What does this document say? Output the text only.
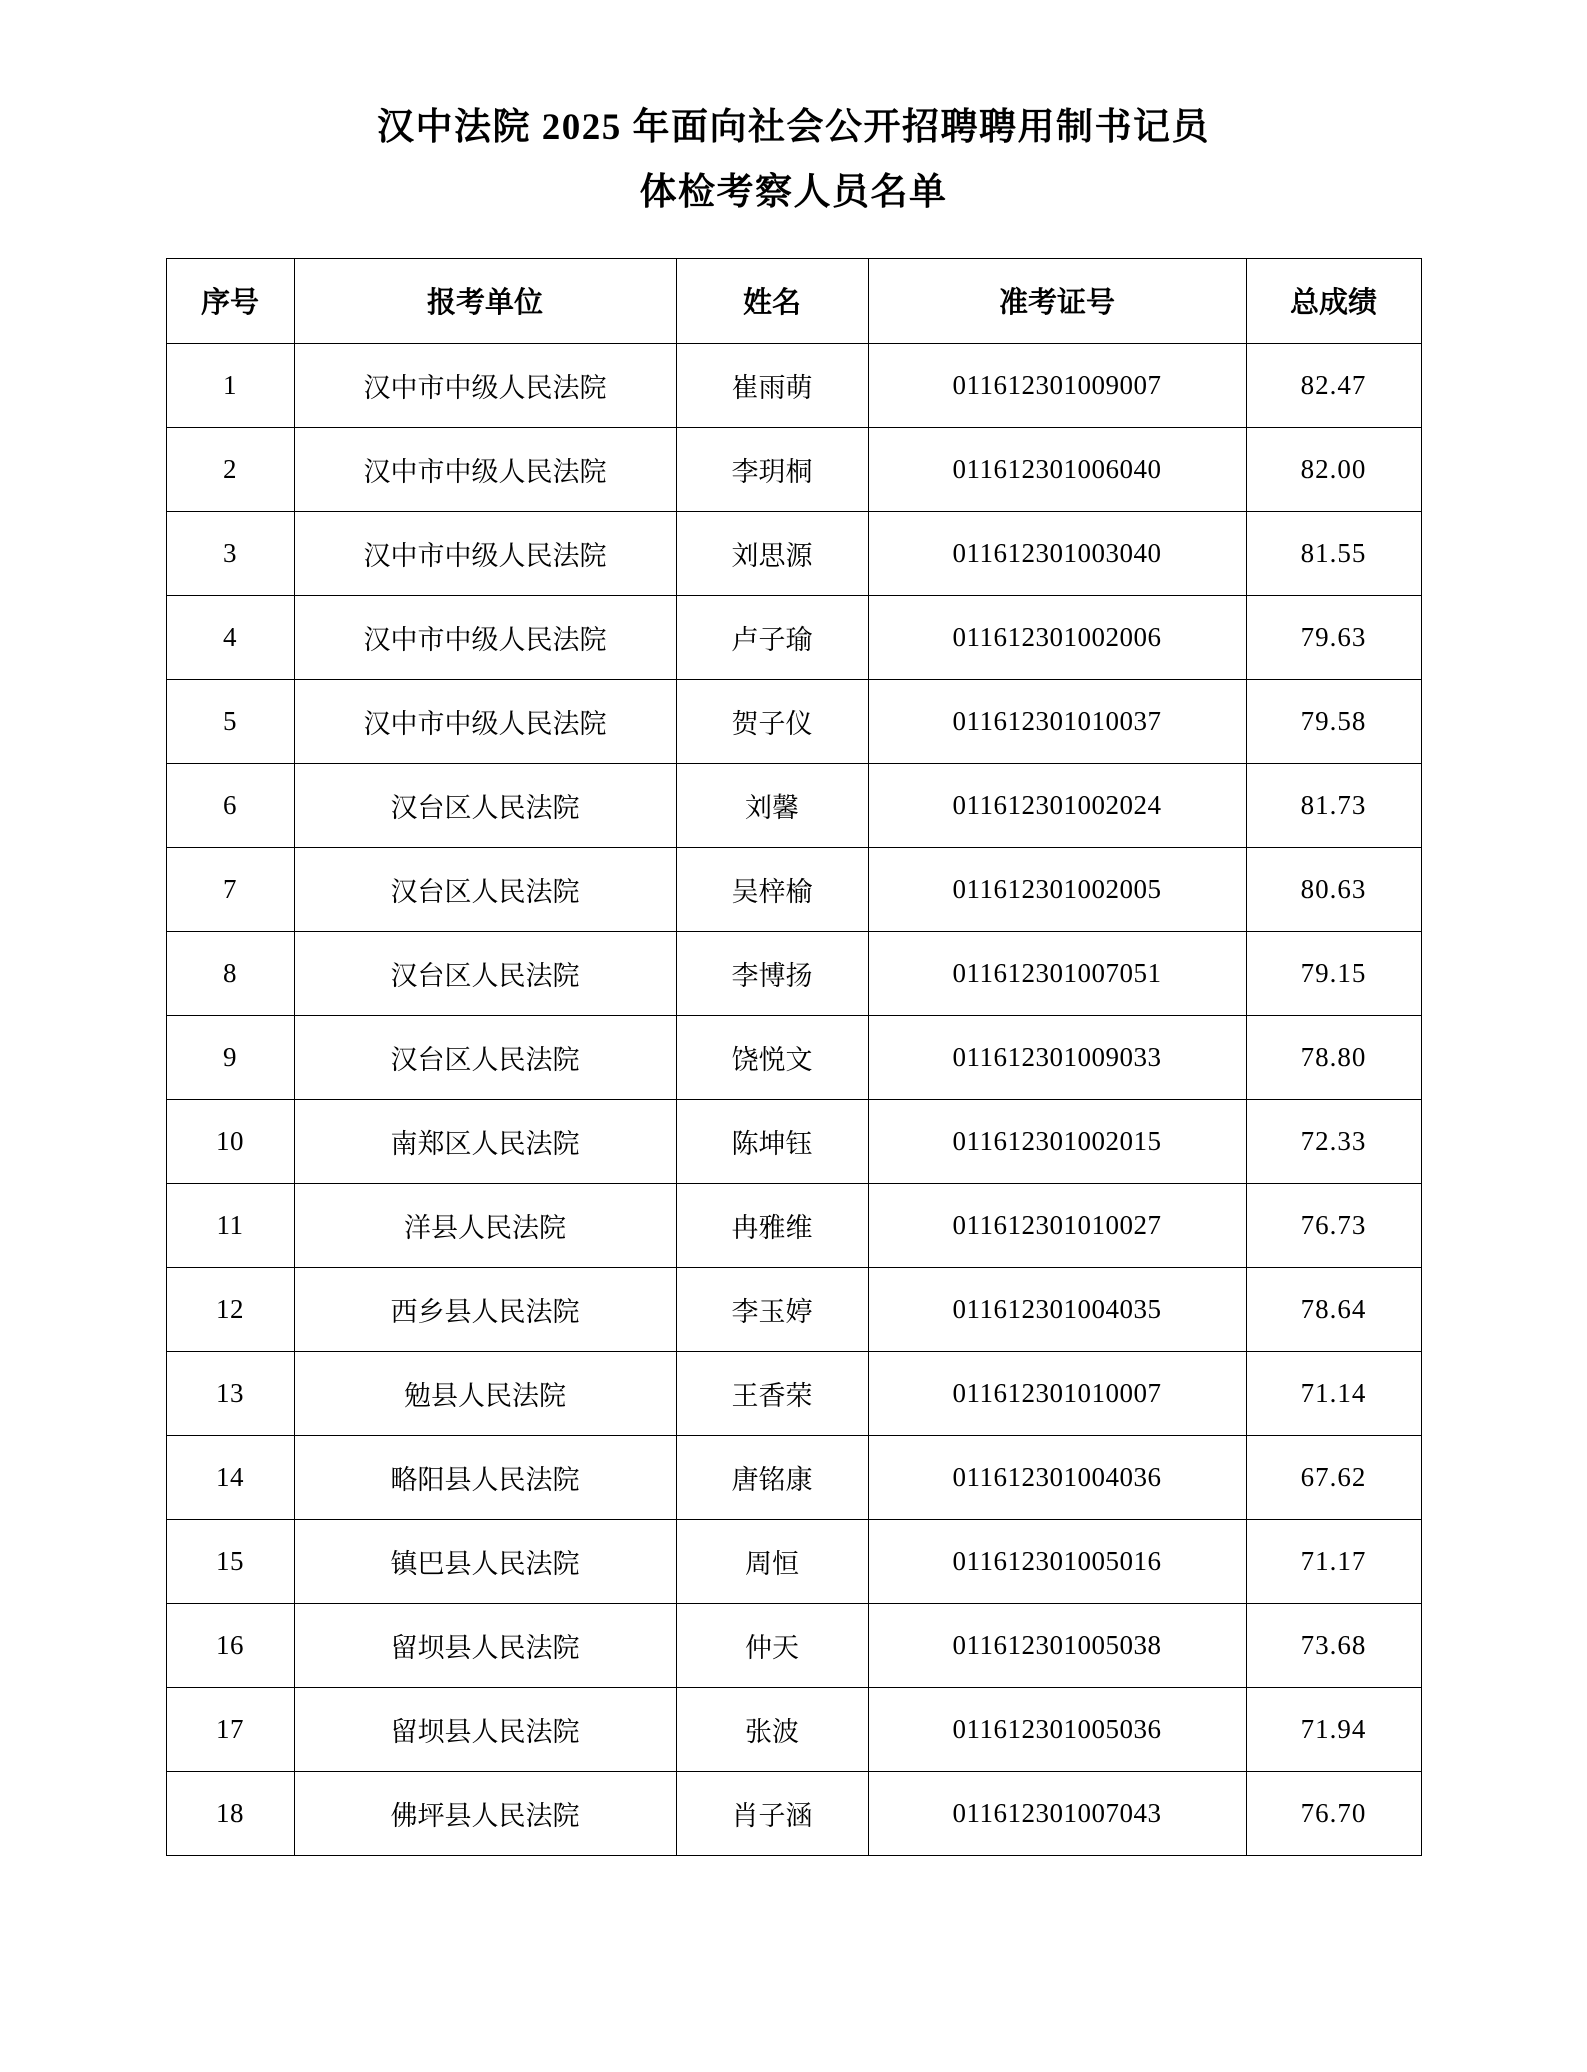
汉中法院 2025 年面向社会公开招聘聘用制书记员
体检考察人员名单
序号	报考单位	姓名	准考证号	总成绩
1	汉中市中级人民法院	崔雨萌	011612301009007	82.47
2	汉中市中级人民法院	李玥桐	011612301006040	82.00
3	汉中市中级人民法院	刘思源	011612301003040	81.55
4	汉中市中级人民法院	卢子瑜	011612301002006	79.63
5	汉中市中级人民法院	贺子仪	011612301010037	79.58
6	汉台区人民法院	刘馨	011612301002024	81.73
7	汉台区人民法院	吴梓榆	011612301002005	80.63
8	汉台区人民法院	李博扬	011612301007051	79.15
9	汉台区人民法院	饶悦文	011612301009033	78.80
10	南郑区人民法院	陈坤钰	011612301002015	72.33
11	洋县人民法院	冉雅维	011612301010027	76.73
12	西乡县人民法院	李玉婷	011612301004035	78.64
13	勉县人民法院	王香荣	011612301010007	71.14
14	略阳县人民法院	唐铭康	011612301004036	67.62
15	镇巴县人民法院	周恒	011612301005016	71.17
16	留坝县人民法院	仲天	011612301005038	73.68
17	留坝县人民法院	张波	011612301005036	71.94
18	佛坪县人民法院	肖子涵	011612301007043	76.70
